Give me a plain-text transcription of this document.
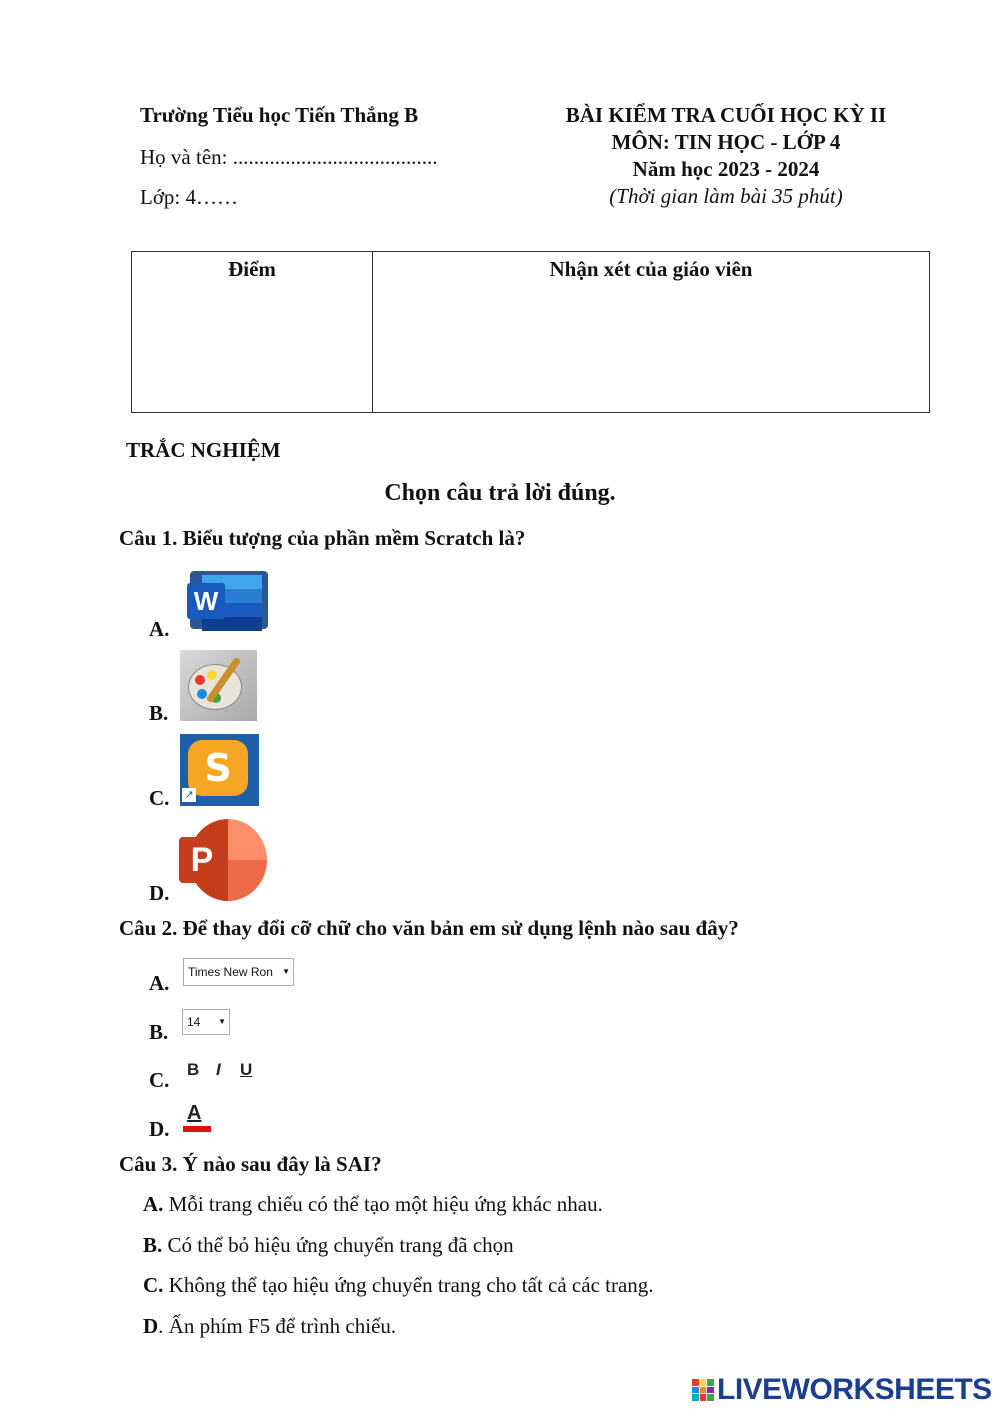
Trường Tiểu học Tiến Thắng B
Họ và tên: .......................................
Lớp: 4……
BÀI KIỂM TRA CUỐI HỌC KỲ II
MÔN: TIN HỌC - LỚP 4
Năm học 2023 - 2024
(Thời gian làm bài 35 phút)
Điểm	Nhận xét của giáo viên
TRẮC NGHIỆM
Chọn câu trả lời đúng.
Câu 1. Biểu tượng của phần mềm Scratch là?
A.
W
B.
C.
S
↗
D.
P
Câu 2. Để thay đổi cỡ chữ cho văn bản em sử dụng lệnh nào sau đây?
A.	Times New Ron ▼
B.	14 ▼
C. B I U
D.
A
Câu 3. Ý nào sau đây là SAI?
A. Mỗi trang chiếu có thể tạo một hiệu ứng khác nhau.
B. Có thể bỏ hiệu ứng chuyển trang đã chọn
C. Không thể tạo hiệu ứng chuyển trang cho tất cả các trang.
D. Ấn phím F5 để trình chiếu.
LIVEWORKSHEETS
